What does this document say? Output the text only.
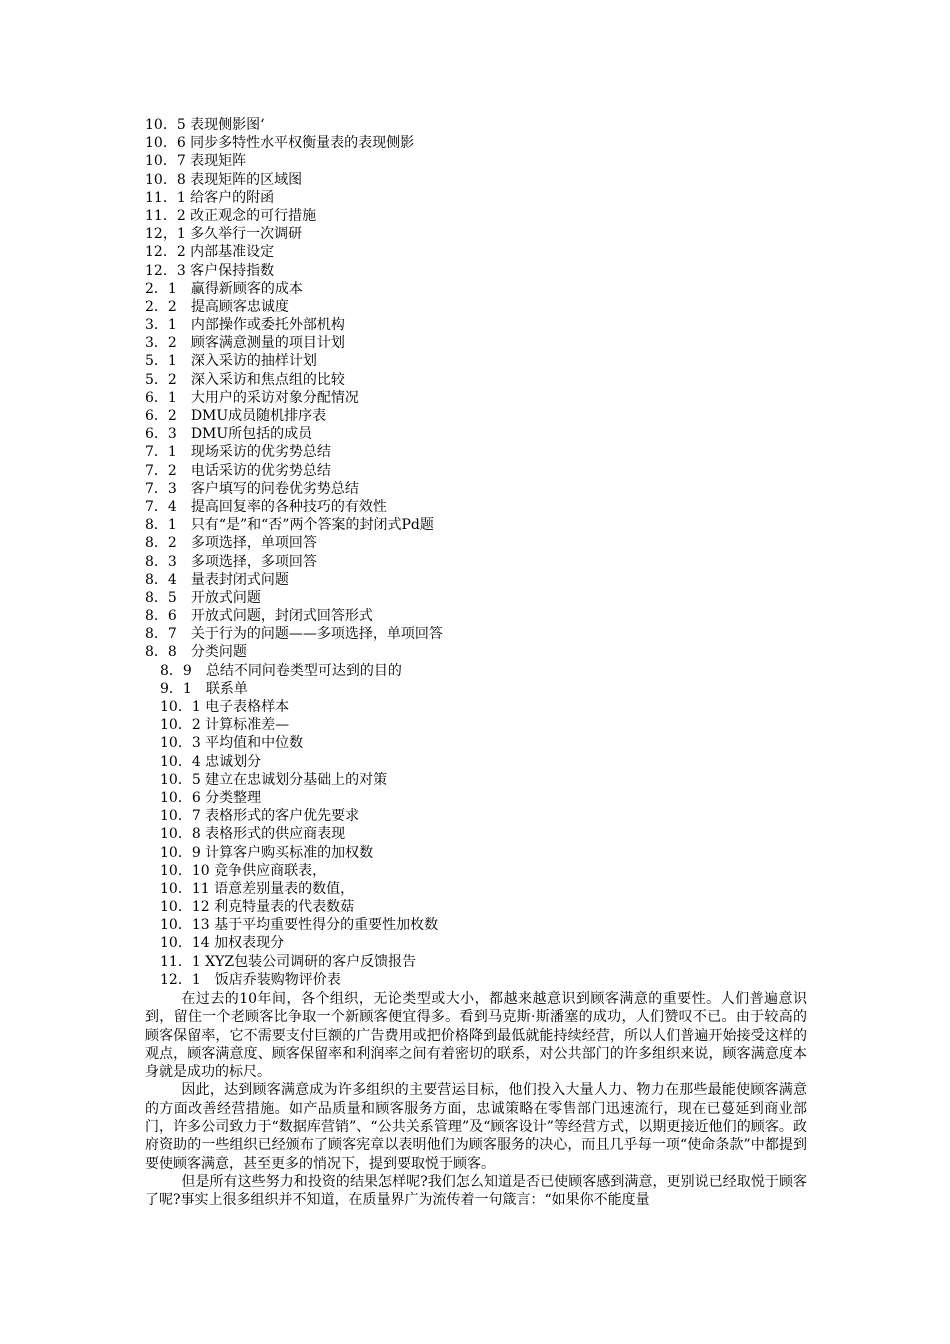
10．5 表现侧影图‘
10．6 同步多特性水平权衡量表的表现侧影
10．7 表现矩阵
10．8 表现矩阵的区域图
11．1 给客户的附函
11．2 改正观念的可行措施
12，1 多久举行一次调研
12．2 内部基准设定
12．3 客户保持指数
2．1　赢得新顾客的成本
2．2　提高顾客忠诚度
3．1　内部操作或委托外部机构
3．2　顾客满意测量的项目计划
5．1　深入采访的抽样计划
5．2　深入采访和焦点组的比较
6．1　大用户的采访对象分配情况
6．2　DMU成员随机排序表
6．3　DMU所包括的成员
7．1　现场采访的优劣势总结
7．2　电话采访的优劣势总结
7．3　客户填写的问卷优劣势总结
7．4　提高回复率的各种技巧的有效性
8．1　只有“是”和“否”两个答案的封闭式Pd题
8．2　多项选择，单项回答
8．3　多项选择，多项回答
8．4　量表封闭式问题
8．5　开放式问题
8．6　开放式问题，封闭式回答形式
8．7　关于行为的问题——多项选择，单项回答
8．8　分类问题
8．9　总结不同问卷类型可达到的目的
9．1　联系单
10．1 电子表格样本
10．2 计算标准差—
10．3 平均值和中位数
10．4 忠诚划分
10．5 建立在忠诚划分基础上的对策
10．6 分类整理
10．7 表格形式的客户优先要求
10．8 表格形式的供应商表现
10．9 计算客户购买标准的加权数
10．10 竞争供应商联表，
10．11 语意差别量表的数值，
10．12 利克特量表的代表数菇
10．13 基于平均重要性得分的重要性加枚数
10．14 加权表现分
11．1 XYZ包装公司调研的客户反馈报告
12．1　饭店乔装购物评价表

在过去的10年间，各个组织，无论类型或大小，都越来越意识到顾客满意的重要性。人们普遍意识到，留住一个老顾客比争取一个新顾客便宜得多。看到马克斯·斯潘塞的成功，人们赞叹不已。由于较高的顾客保留率，它不需要支付巨额的广告费用或把价格降到最低就能持续经营，所以人们普遍开始接受这样的观点，顾客满意度、顾客保留率和利润率之间有着密切的联系，对公共部门的许多组织来说，顾客满意度本身就是成功的标尺。

因此，达到顾客满意成为许多组织的主要营运目标，他们投入大量人力、物力在那些最能使顾客满意的方面改善经营措施。如产品质量和顾客服务方面，忠诚策略在零售部门迅速流行，现在已蔓延到商业部门，许多公司致力于“数据库营销”、“公共关系管理”及“顾客设计”等经营方式，以期更接近他们的顾客。政府资助的一些组织已经颁布了顾客宪章以表明他们为顾客服务的决心，而且几乎每一项“使命条款”中都提到要使顾客满意，甚至更多的悄况下，提到要取悦于顾客。

但是所有这些努力和投资的结果怎样呢?我们怎么知道是否已使顾客感到满意，更别说已经取悦于顾客了呢?事实上很多组织并不知道，在质量界广为流传着一句箴言：“如果你不能度量
